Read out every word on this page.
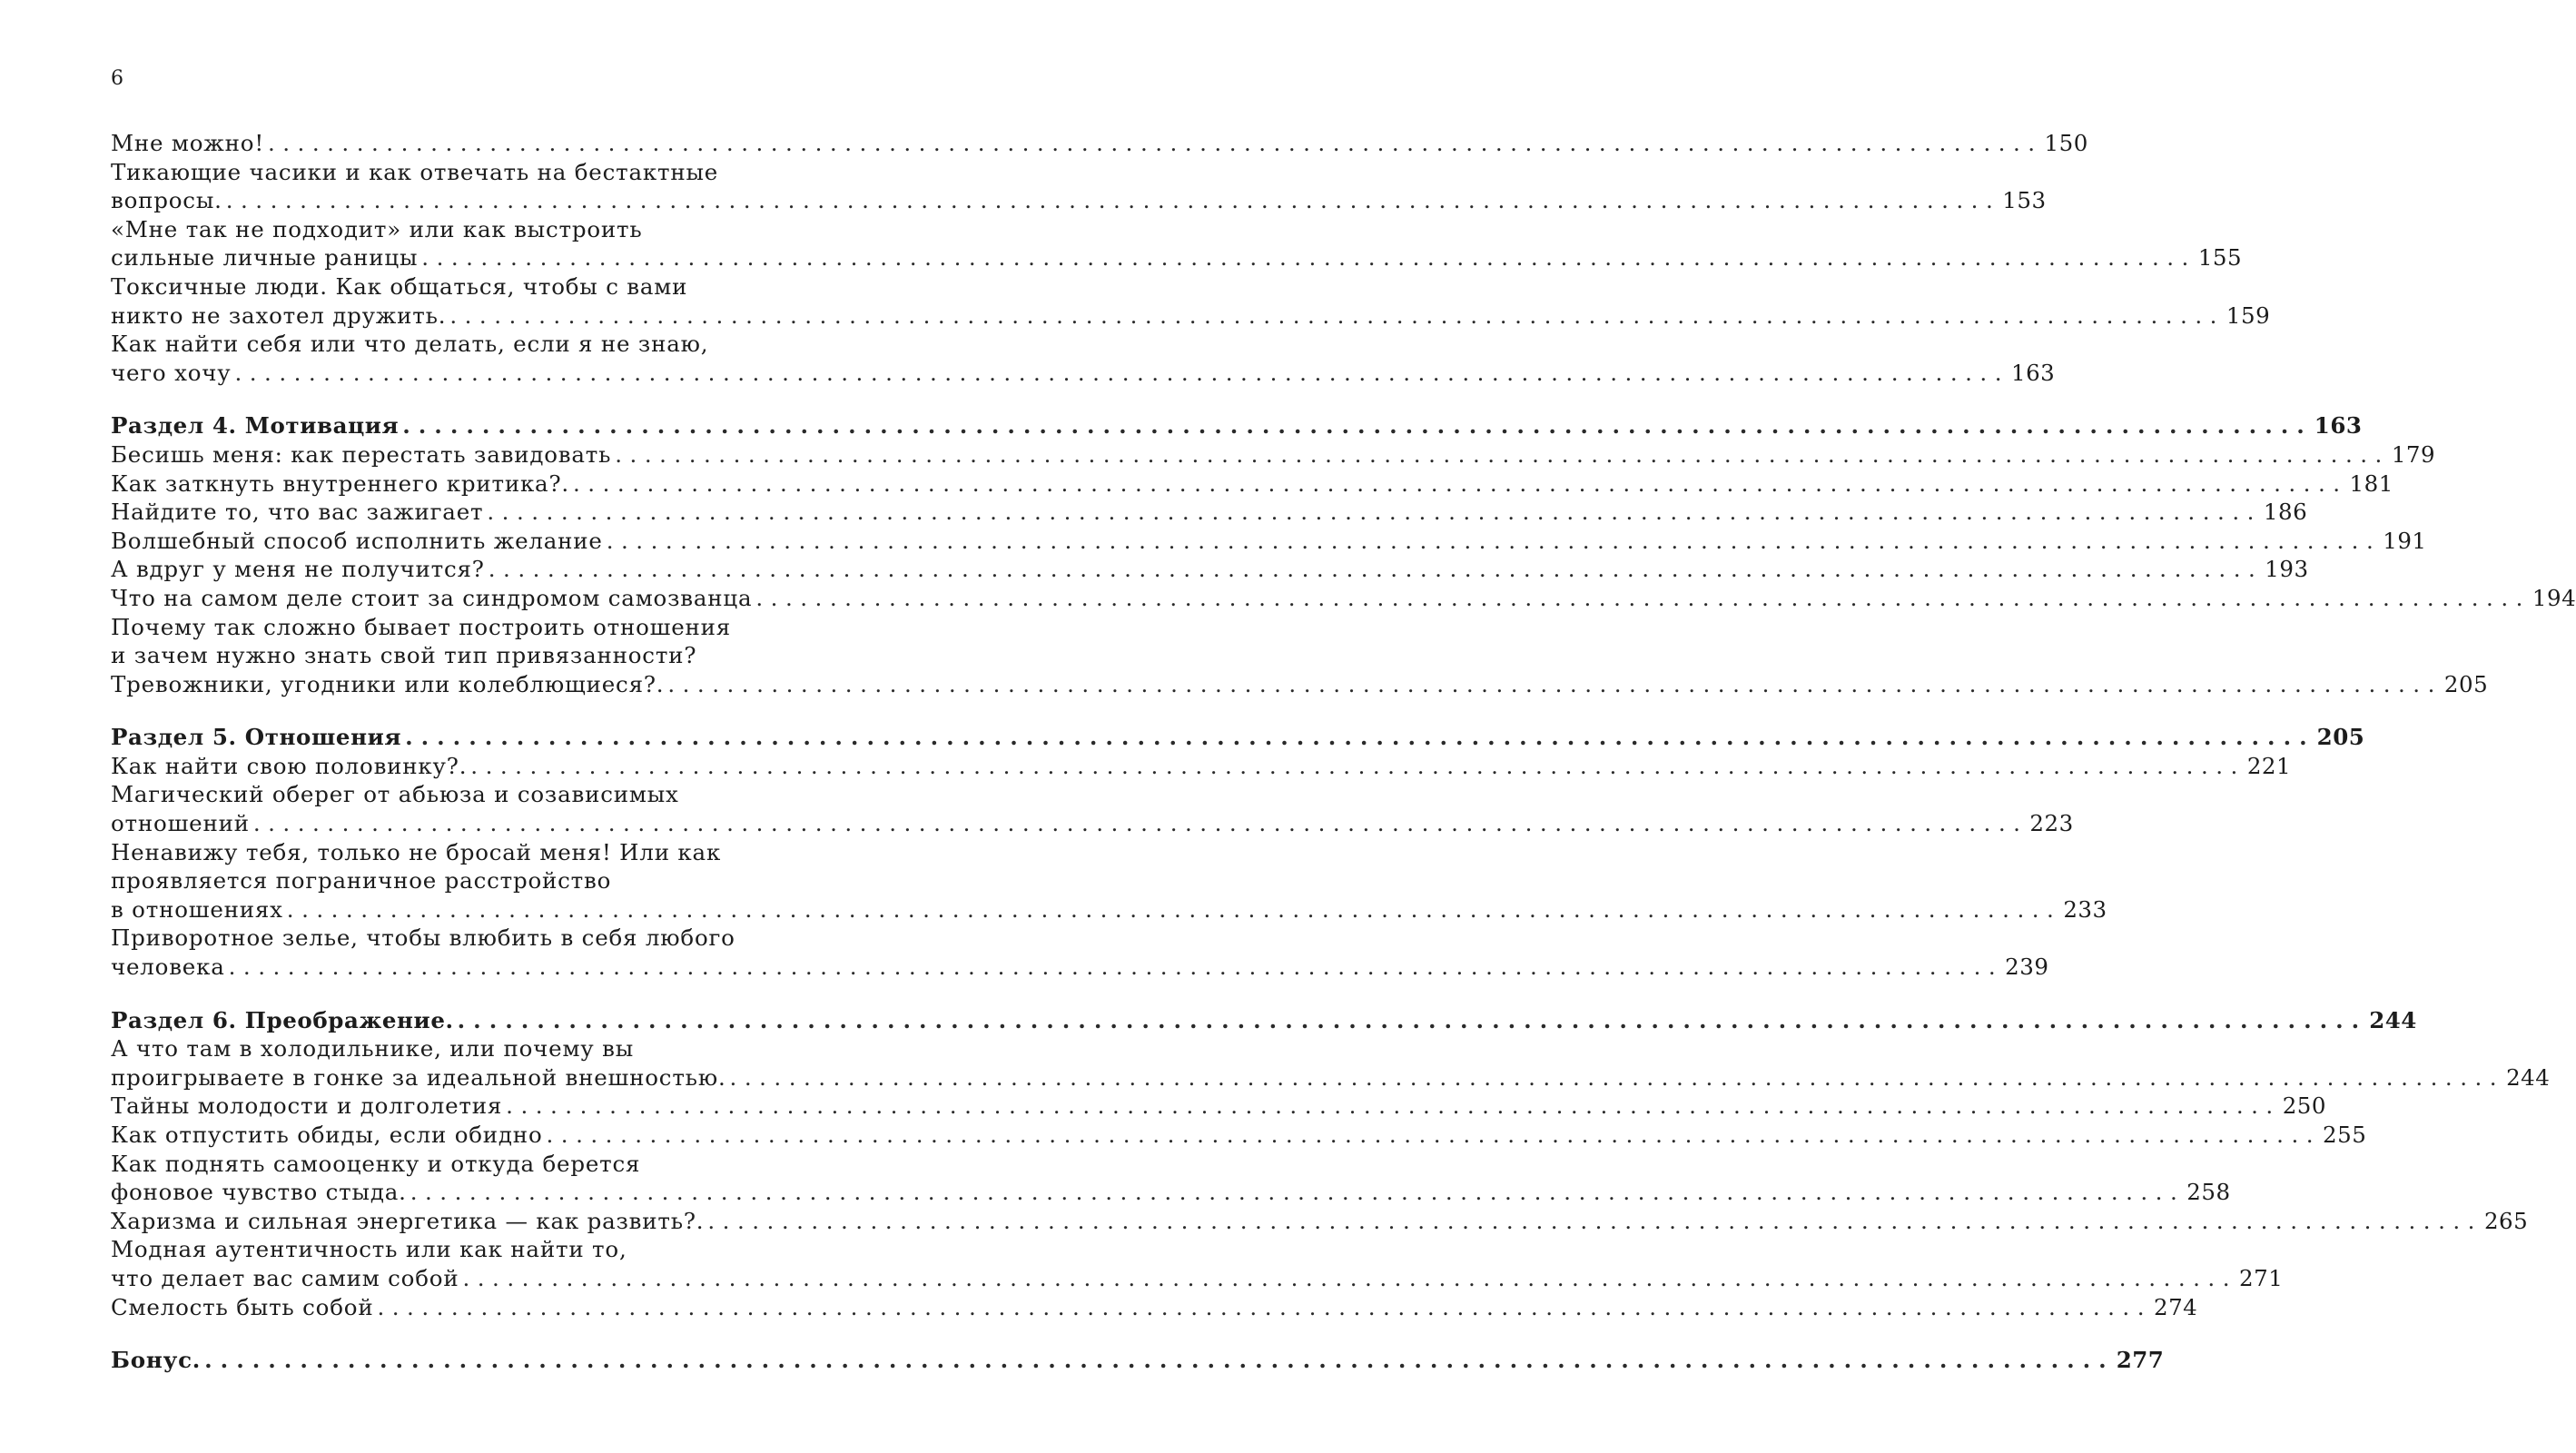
6
Мне можно! ........................................................................................................................ 150
Тикающие часики и как отвечать на бестактные
вопросы. ........................................................................................................................ 153
«Мне так не подходит» или как выстроить
сильные личные раницы ........................................................................................................................ 155
Токсичные люди. Как общаться, чтобы с вами
никто не захотел дружить. ........................................................................................................................ 159
Как найти себя или что делать, если я не знаю,
чего хочу ........................................................................................................................ 163
Раздел 4. Мотивация ........................................................................................................................ 163
Бесишь меня: как перестать завидовать ........................................................................................................................ 179
Как заткнуть внутреннего критика?. ........................................................................................................................ 181
Найдите то, что вас зажигает ........................................................................................................................ 186
Волшебный способ исполнить желание ........................................................................................................................ 191
А вдруг у меня не получится? ........................................................................................................................ 193
Что на самом деле стоит за синдромом самозванца ........................................................................................................................ 194
Почему так сложно бывает построить отношения
и зачем нужно знать свой тип привязанности?
Тревожники, угодники или колеблющиеся?. ........................................................................................................................ 205
Раздел 5. Отношения ........................................................................................................................ 205
Как найти свою половинку?. ........................................................................................................................ 221
Магический оберег от абьюза и созависимых
отношений ........................................................................................................................ 223
Ненавижу тебя, только не бросай меня! Или как
проявляется пограничное расстройство
в отношениях ........................................................................................................................ 233
Приворотное зелье, чтобы влюбить в себя любого
человека ........................................................................................................................ 239
Раздел 6. Преображение. ........................................................................................................................ 244
А что там в холодильнике, или почему вы
проигрываете в гонке за идеальной внешностью. ........................................................................................................................ 244
Тайны молодости и долголетия ........................................................................................................................ 250
Как отпустить обиды, если обидно ........................................................................................................................ 255
Как поднять самооценку и откуда берется
фоновое чувство стыда. ........................................................................................................................ 258
Харизма и сильная энергетика — как развить?. ........................................................................................................................ 265
Модная аутентичность или как найти то,
что делает вас самим собой ........................................................................................................................ 271
Смелость быть собой ........................................................................................................................ 274
Бонус. ........................................................................................................................ 277
